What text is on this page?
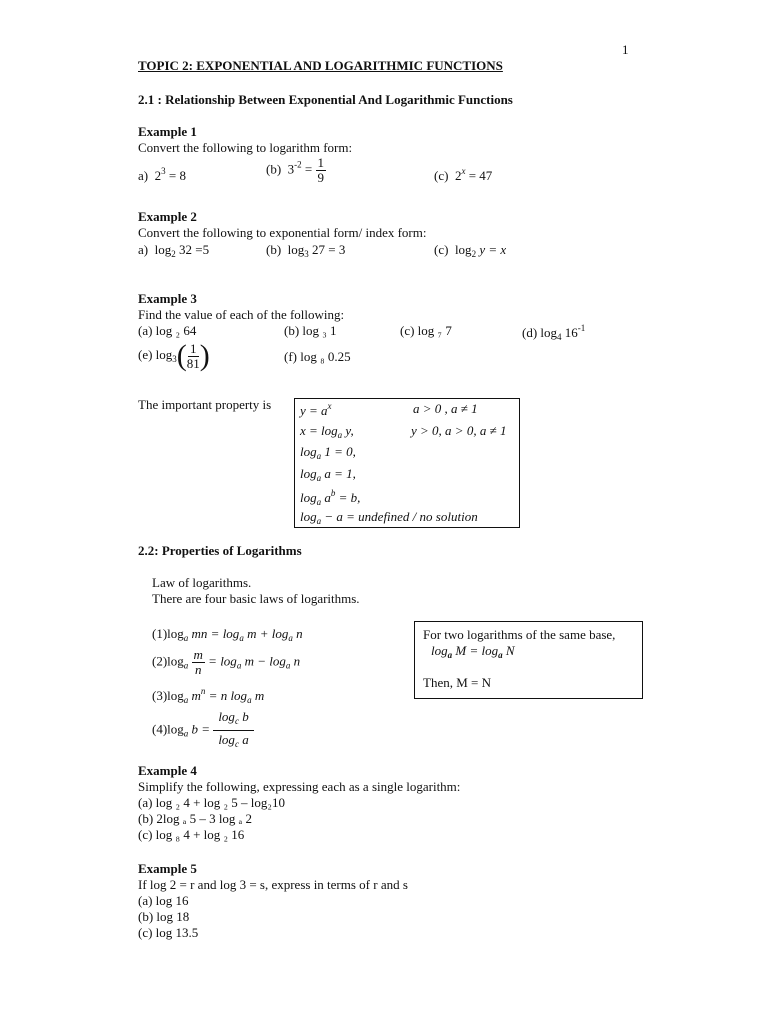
1
TOPIC 2: EXPONENTIAL AND LOGARITHMIC FUNCTIONS
2.1 : Relationship Between Exponential And Logarithmic Functions
Example 1
Convert the following to logarithm form:
a) $2^3 = 8$	(b) $3^{-2} = \frac{1}{9}$	(c) $2^x = 47$
Example 2
Convert the following to exponential form/ index form:
a) $\log_2 32 =5$	(b) $\log_3 27 = 3$	(c) $\log_2 y = x$
Example 3
Find the value of each of the following:
(a) log ₂ 64	(b) log ₃ 1	(c) log ₇ 7	(d) $\log_4 16^{-1}$
(e) $\log_3( \frac{1}{81}$ )	(f) log ₈ 0.25
The important property is $y = a^x$	a > 0 , a ≠ 1
$x = \log_a y$,	y > 0, a > 0, a ≠ 1
$\log_a 1 = 0$,
$\log_a a = 1$,
$\log_a a^b = b$,
$\log_a - a$ = undefined / no solution
2.2: Properties of Logarithms
Law of logarithms.
There are four basic laws of logarithms.
$(1)\log_a$ mn = $\log_a m + \log_a n$
$(2)\log_a \frac{m}{n} = \log_a m - \log_a n$
$(3)\log_a$ $m^n = n$ $\log_a m$
$(4)\log_a$ $b = \frac{\log_c b}{\log_c a}$
For two logarithms of the same base,
$\log_a M = \log_a N$
Then, M = N
Example 4
Simplify the following, expressing each as a single logarithm:
(a) log ₂ 4 + log ₂ 5 – log₂10
(b) 2log ₐ 5 – 3 log ₐ 2
(c) log ₈ 4 + log ₂ 16
Example 5
If log 2 = r and log 3 = s, express in terms of r and s
(a) log 16
(b) log 18
(c) log 13.5
